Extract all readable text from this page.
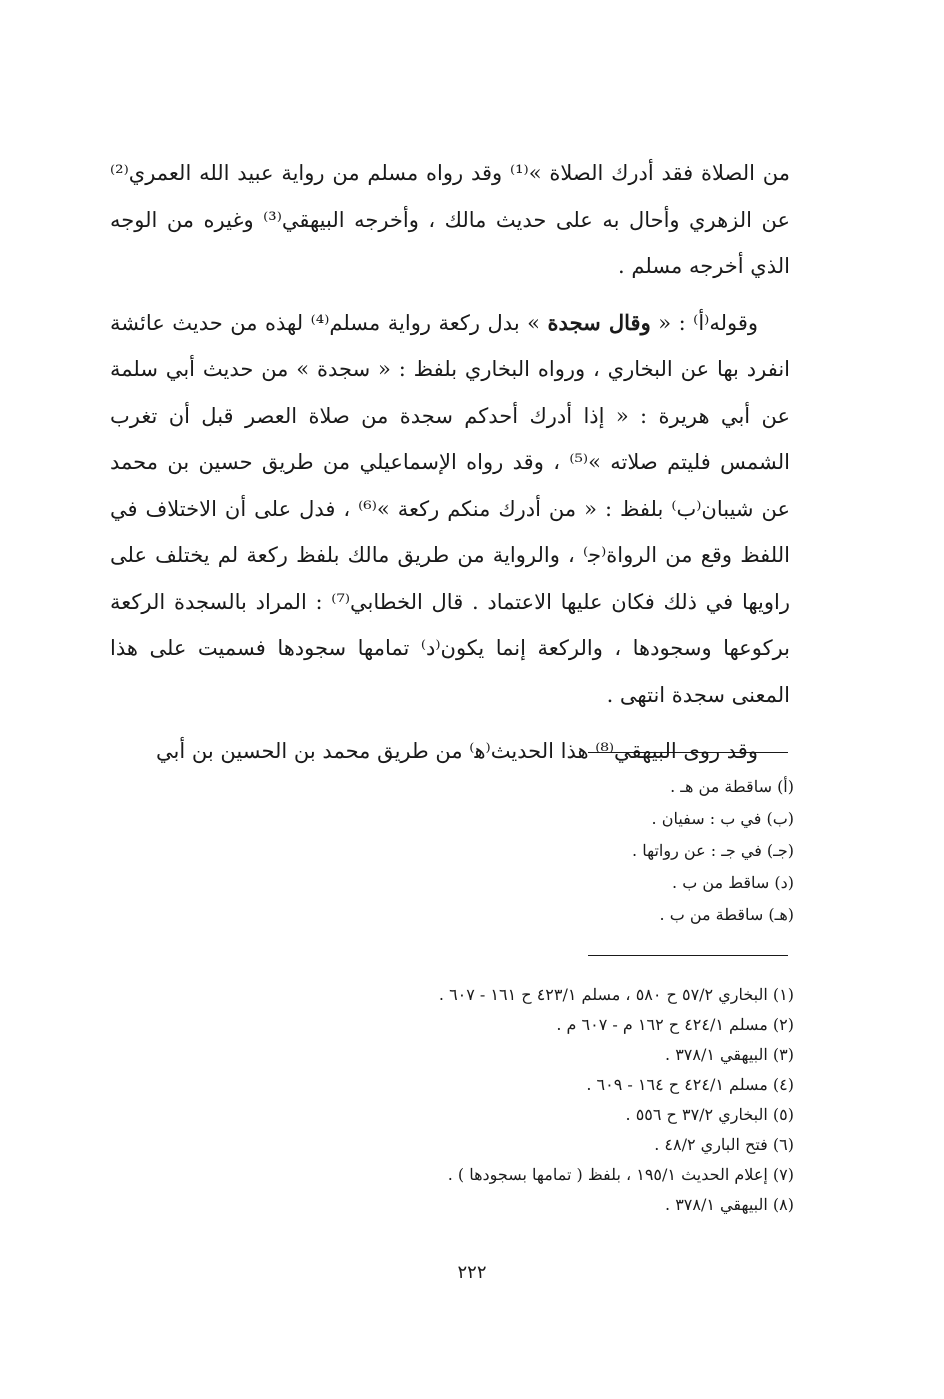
من الصلاة فقد أدرك الصلاة »⁽¹⁾ وقد رواه مسلم من رواية عبيد الله العمري⁽²⁾ عن الزهري وأحال به على حديث مالك ، وأخرجه البيهقي⁽³⁾ وغيره من الوجه الذي أخرجه مسلم .

وقوله⁽أ⁾ : « وقال سجدة » بدل ركعة رواية مسلم⁽⁴⁾ لهذه من حديث عائشة انفرد بها عن البخاري ، ورواه البخاري بلفظ : « سجدة » من حديث أبي سلمة عن أبي هريرة : « إذا أدرك أحدكم سجدة من صلاة العصر قبل أن تغرب الشمس فليتم صلاته »⁽⁵⁾ ، وقد رواه الإسماعيلي من طريق حسين بن محمد عن شيبان⁽ب⁾ بلفظ : « من أدرك منكم ركعة »⁽⁶⁾ ، فدل على أن الاختلاف في اللفظ وقع من الرواة⁽ﺟ⁾ ، والرواية من طريق مالك بلفظ ركعة لم يختلف على راويها في ذلك فكان عليها الاعتماد . قال الخطابي⁽⁷⁾ : المراد بالسجدة الركعة بركوعها وسجودها ، والركعة إنما يكون⁽د⁾ تمامها سجودها فسميت على هذا المعنى سجدة انتهى .

وقد روى البيهقي⁽⁸⁾ هذا الحديث⁽ﻫ⁾ من طريق محمد بن الحسين بن أبي

(أ) ساقطة من هـ .
(ب) في ب : سفيان .
(جـ) في جـ : عن رواتها .
(د) ساقط من ب .
(هـ) ساقطة من ب .
(١) البخاري ٥٧/٢ ح ٥٨٠ ، مسلم ٤٢٣/١ ح ١٦١ - ٦٠٧ .
(٢) مسلم ٤٢٤/١ ح ١٦٢ م - ٦٠٧ م .
(٣) البيهقي ٣٧٨/١ .
(٤) مسلم ٤٢٤/١ ح ١٦٤ - ٦٠٩ .
(٥) البخاري ٣٧/٢ ح ٥٥٦ .
(٦) فتح الباري ٤٨/٢ .
(٧) إعلام الحديث ١٩٥/١ ، بلفظ ( تمامها بسجودها ) .
(٨) البيهقي ٣٧٨/١ .
٢٢٢
